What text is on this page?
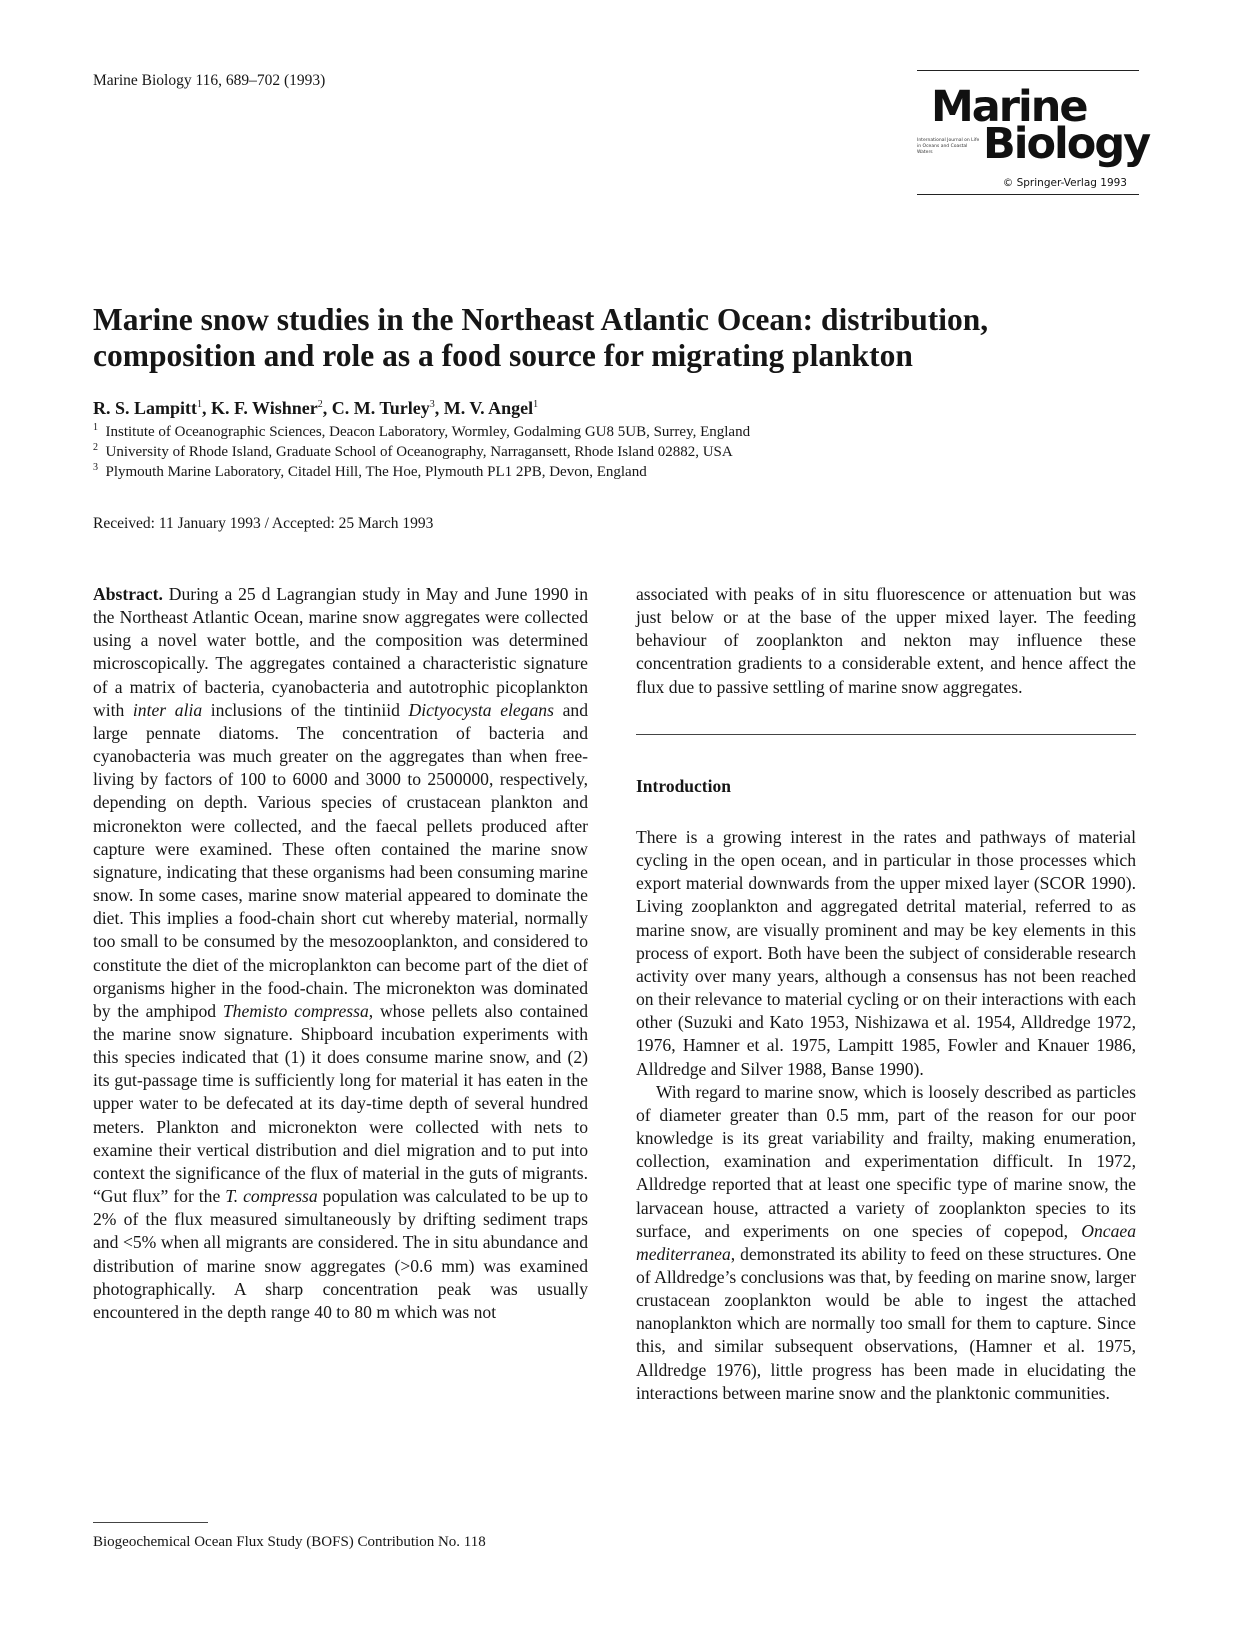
Marine Biology 116, 689–702 (1993)
Marine
International Journal on Life in Oceans and Coastal Waters	Biology
© Springer-Verlag 1993
Marine snow studies in the Northeast Atlantic Ocean: distribution, composition and role as a food source for migrating plankton
R. S. Lampitt$^1$, K. F. Wishner$^2$, C. M. Turley$^3$, M. V. Angel$^1$
$^1$ Institute of Oceanographic Sciences, Deacon Laboratory, Wormley, Godalming GU8 5UB, Surrey, England
$^2$ University of Rhode Island, Graduate School of Oceanography, Narragansett, Rhode Island 02882, USA
$^3$ Plymouth Marine Laboratory, Citadel Hill, The Hoe, Plymouth PL1 2PB, Devon, England
Received: 11 January 1993 / Accepted: 25 March 1993

Abstract. During a 25 d Lagrangian study in May and June 1990 in the Northeast Atlantic Ocean, marine snow aggregates were collected using a novel water bottle, and the composition was determined microscopically. The aggregates contained a characteristic signature of a matrix of bacteria, cyanobacteria and autotrophic picoplankton with inter alia inclusions of the tintiniid Dictyocysta elegans and large pennate diatoms. The concentration of bacteria and cyanobacteria was much greater on the aggregates than when free-living by factors of 100 to 6000 and 3000 to 2500000, respectively, depending on depth. Various species of crustacean plankton and micronekton were collected, and the faecal pellets produced after capture were examined. These often contained the marine snow signature, indicating that these organisms had been consuming marine snow. In some cases, marine snow material appeared to dominate the diet. This implies a food-chain short cut whereby material, normally too small to be consumed by the mesozooplankton, and considered to constitute the diet of the microplankton can become part of the diet of organisms higher in the food-chain. The micronekton was dominated by the amphipod Themisto compressa, whose pellets also contained the marine snow signature. Shipboard incubation experiments with this species indicated that (1) it does consume marine snow, and (2) its gut-passage time is sufficiently long for material it has eaten in the upper water to be defecated at its day-time depth of several hundred meters. Plankton and micronekton were collected with nets to examine their vertical distribution and diel migration and to put into context the significance of the flux of material in the guts of migrants. “Gut flux” for the T. compressa population was calculated to be up to 2% of the flux measured simultaneously by drifting sediment traps and <5% when all migrants are considered. The in situ abundance and distribution of marine snow aggregates (>0.6 mm) was examined photographically. A sharp concentration peak was usually encountered in the depth range 40 to 80 m which was not

associated with peaks of in situ fluorescence or attenuation but was just below or at the base of the upper mixed layer. The feeding behaviour of zooplankton and nekton may influence these concentration gradients to a considerable extent, and hence affect the flux due to passive settling of marine snow aggregates.

Introduction

There is a growing interest in the rates and pathways of material cycling in the open ocean, and in particular in those processes which export material downwards from the upper mixed layer (SCOR 1990). Living zooplankton and aggregated detrital material, referred to as marine snow, are visually prominent and may be key elements in this process of export. Both have been the subject of considerable research activity over many years, although a consensus has not been reached on their relevance to material cycling or on their interactions with each other (Suzuki and Kato 1953, Nishizawa et al. 1954, Alldredge 1972, 1976, Hamner et al. 1975, Lampitt 1985, Fowler and Knauer 1986, Alldredge and Silver 1988, Banse 1990).

With regard to marine snow, which is loosely described as particles of diameter greater than 0.5 mm, part of the reason for our poor knowledge is its great variability and frailty, making enumeration, collection, examination and experimentation difficult. In 1972, Alldredge reported that at least one specific type of marine snow, the larvacean house, attracted a variety of zooplankton species to its surface, and experiments on one species of copepod, Oncaea mediterranea, demonstrated its ability to feed on these structures. One of Alldredge’s conclusions was that, by feeding on marine snow, larger crustacean zooplankton would be able to ingest the attached nanoplankton which are normally too small for them to capture. Since this, and similar subsequent observations, (Hamner et al. 1975, Alldredge 1976), little progress has been made in elucidating the interactions between marine snow and the planktonic communities.

Biogeochemical Ocean Flux Study (BOFS) Contribution No. 118
